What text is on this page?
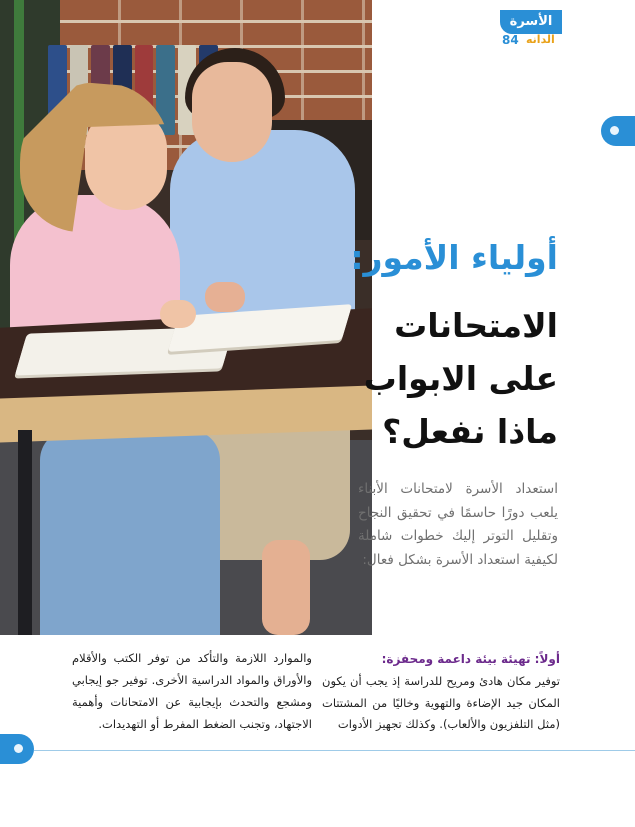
الأسرة
84 الدانه
أولياء الأمور:
الامتحانات
على الابواب
ماذا نفعل؟
استعداد الأسرة لامتحانات الأبناء يلعب دورًا حاسمًا في تحقيق النجاح وتقليل التوتر إليك خطوات شاملة لكيفية استعداد الأسرة بشكل فعال:
أولاً: تهيئة بيئة داعمة ومحفزة:
توفير مكان هادئ ومريح للدراسة إذ يجب أن يكون المكان جيد الإضاءة والتهوية وخاليًا من المشتتات (مثل التلفزيون والألعاب). وكذلك تجهيز الأدوات
والموارد اللازمة والتأكد من توفر الكتب والأقلام والأوراق والمواد الدراسية الأخرى. توفير جو إيجابي ومشجع والتحدث بإيجابية عن الامتحانات وأهمية الاجتهاد، وتجنب الضغط المفرط أو التهديدات.
